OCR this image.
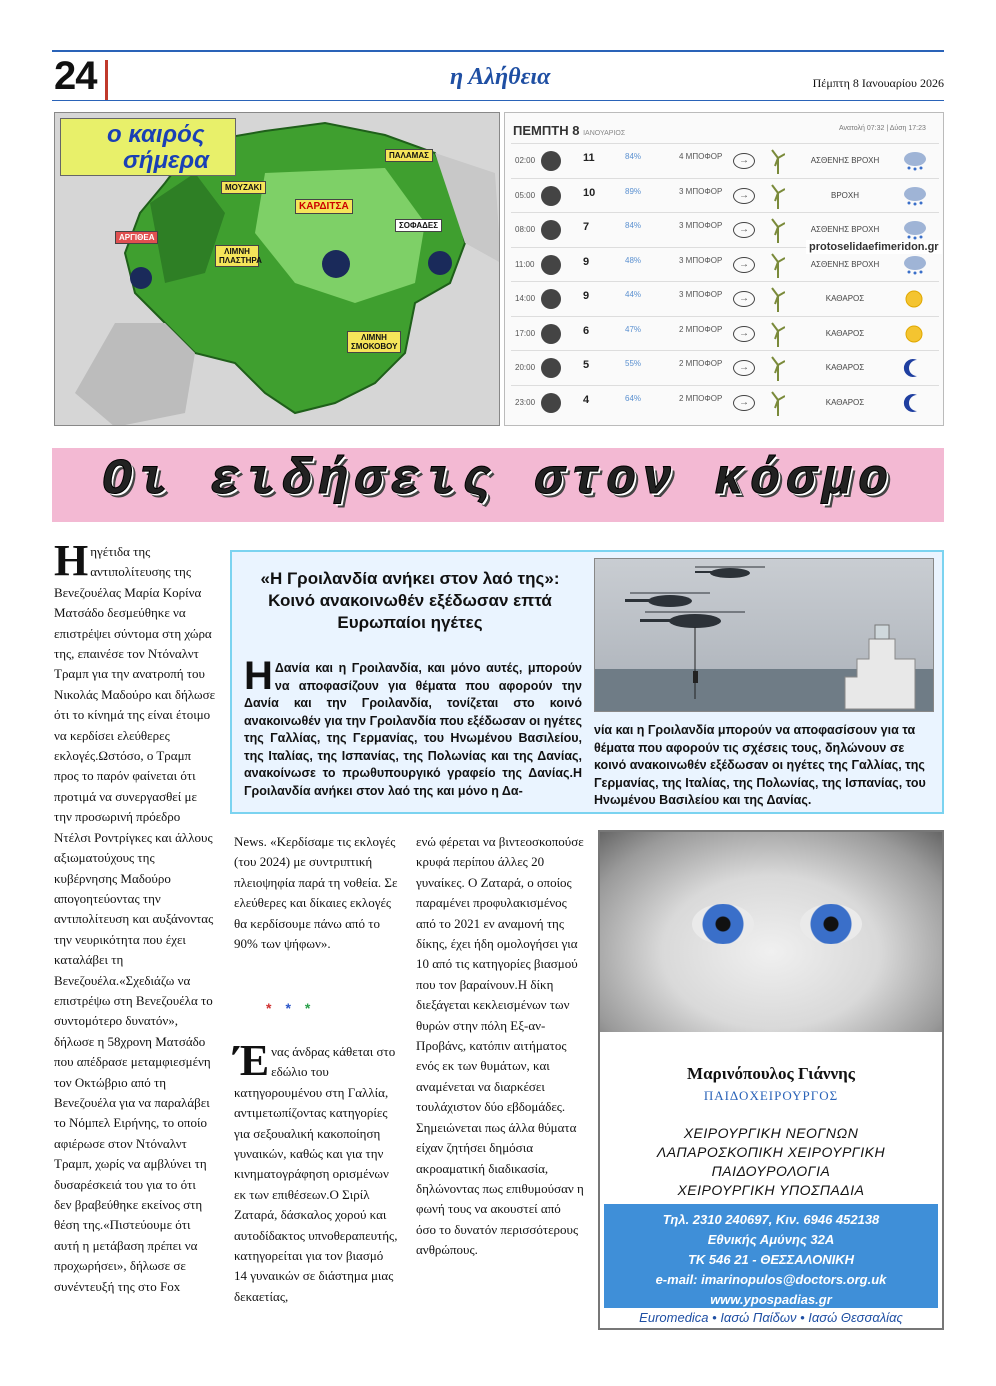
24	η Αλήθεια	Πέμπτη 8 Ιανουαρίου 2026
ΠΑΛΑΜΑΣ
ΜΟΥΖΑΚΙ
ΚΑΡΔΙΤΣΑ
ΣΟΦΑΔΕΣ
ΑΡΓΙΘΕΑ
ΛΙΜΝΗ ΠΛΑΣΤΗΡΑ
ΛΙΜΝΗ ΣΜΟΚΟΒΟΥ
ο καιρός
σήμερα
ΠΕΜΠΤΗ 8 ΙΑΝΟΥΑΡΙΟΣ
Ανατολή 07:32 | Δύση 17:23
02:00	11	84%	4 ΜΠΟΦΟΡ	→	ΑΣΘΕΝΗΣ ΒΡΟΧΗ
05:00	10	89%	3 ΜΠΟΦΟΡ	→	ΒΡΟΧΗ
08:00	7	84%	3 ΜΠΟΦΟΡ	→	ΑΣΘΕΝΗΣ ΒΡΟΧΗ
11:00	9	48%	3 ΜΠΟΦΟΡ	→	ΑΣΘΕΝΗΣ ΒΡΟΧΗ
14:00	9	44%	3 ΜΠΟΦΟΡ	→	ΚΑΘΑΡΟΣ
17:00	6	47%	2 ΜΠΟΦΟΡ	→	ΚΑΘΑΡΟΣ
20:00	5	55%	2 ΜΠΟΦΟΡ	→	ΚΑΘΑΡΟΣ
23:00	4	64%	2 ΜΠΟΦΟΡ	→	ΚΑΘΑΡΟΣ
protoselidaefimeridon.gr
Οι ειδήσεις στον κόσμο
Ηηγέτιδα της αντιπολίτευσης της Βενεζουέλας Μαρία Κορίνα Ματσάδο δεσμεύθηκε να επιστρέψει σύντομα στη χώρα της, επαινέσε τον Ντόναλντ Τραμπ για την ανατροπή του Νικολάς Μαδούρο και δήλωσε ότι το κίνημά της είναι έτοιμο να κερδίσει ελεύθερες εκλογές.Ωστόσο, ο Τραμπ προς το παρόν φαίνεται ότι προτιμά να συνεργασθεί με την προσωρινή πρόεδρο Ντέλσι Ροντρίγκες και άλλους αξιωματούχους της κυβέρνησης Μαδούρο απογοητεύοντας την αντιπολίτευση και αυξάνοντας την νευρικότητα που έχει καταλάβει τη Βενεζουέλα.«Σχεδιάζω να επιστρέψω στη Βενεζουέλα το συντομότερο δυνατόν», δήλωσε η 58χρονη Ματσάδο που απέδρασε μεταμφιεσμένη τον Οκτώβριο από τη Βενεζουέλα για να παραλάβει το Νόμπελ Ειρήνης, το οποίο αφιέρωσε στον Ντόναλντ Τραμπ, χωρίς να αμβλύνει τη δυσαρέσκειά του για το ότι δεν βραβεύθηκε εκείνος στη θέση της.«Πιστεύουμε ότι αυτή η μετάβαση πρέπει να προχωρήσει», δήλωσε σε συνέντευξή της στο Fox
News. «Κερδίσαμε τις εκλογές (του 2024) με συντριπτική πλειοψηφία παρά τη νοθεία. Σε ελεύθερες και δίκαιες εκλογές θα κερδίσουμε πάνω από το 90% των ψήφων».
***
Ένας άνδρας κάθεται στο εδώλιο του κατηγορουμένου στη Γαλλία, αντιμετωπίζοντας κατηγορίες για σεξουαλική κακοποίηση γυναικών, καθώς και για την κινηματογράφηση ορισμένων εκ των επιθέσεων.Ο Σιρίλ Ζαταρά, δάσκαλος χορού και αυτοδίδακτος υπνοθεραπευτής, κατηγορείται για τον βιασμό 14 γυναικών σε διάστημα μιας δεκαετίας,
ενώ φέρεται να βιντεοσκοπούσε κρυφά περίπου άλλες 20 γυναίκες. Ο Ζαταρά, ο οποίος παραμένει προφυλακισμένος από το 2021 εν αναμονή της δίκης, έχει ήδη ομολογήσει για 10 από τις κατηγορίες βιασμού που τον βαραίνουν.Η δίκη διεξάγεται κεκλεισμένων των θυρών στην πόλη Εξ-αν-Προβάνς, κατόπιν αιτήματος ενός εκ των θυμάτων, και αναμένεται να διαρκέσει τουλάχιστον δύο εβδομάδες. Σημειώνεται πως άλλα θύματα είχαν ζητήσει δημόσια ακροαματική διαδικασία, δηλώνοντας πως επιθυμούσαν η φωνή τους να ακουστεί από όσο το δυνατόν περισσότερους ανθρώπους.
«Η Γροιλανδία ανήκει στον λαό της»: Κοινό ανακοινωθέν εξέδωσαν επτά Ευρωπαίοι ηγέτες
Η Δανία και η Γροιλανδία, και μόνο αυτές, μπορούν να αποφασίζουν για θέματα που αφορούν την Δανία και την Γροιλανδία, τονίζεται στο κοινό ανακοινωθέν για την Γροιλανδία που εξέδωσαν οι ηγέτες της Γαλλίας, της Γερμανίας, του Ηνωμένου Βασιλείου, της Ιταλίας, της Ισπανίας, της Πολωνίας και της Δανίας, ανακοίνωσε το πρωθυπουργικό γραφείο της Δανίας.Η Γροιλανδία ανήκει στον λαό της και μόνο η Δα-
νία και η Γροιλανδία μπορούν να αποφασίσουν για τα θέματα που αφορούν τις σχέσεις τους, δηλώνουν σε κοινό ανακοινωθέν εξέδωσαν οι ηγέτες της Γαλλίας, της Γερμανίας, της Ιταλίας, της Πολωνίας, της Ισπανίας, του Ηνωμένου Βασιλείου και της Δανίας.
Μαρινόπουλος Γιάννης
ΠΑΙΔΟΧΕΙΡΟΥΡΓΟΣ
ΧΕΙΡΟΥΡΓΙΚΗ ΝΕΟΓΝΩΝ
ΛΑΠΑΡΟΣΚΟΠΙΚΗ ΧΕΙΡΟΥΡΓΙΚΗ
ΠΑΙΔΟΥΡΟΛΟΓΙΑ
ΧΕΙΡΟΥΡΓΙΚΗ ΥΠΟΣΠΑΔΙΑ
Τηλ. 2310 240697, Κιν. 6946 452138
Εθνικής Αμύνης 32Α
ΤΚ 546 21 - ΘΕΣΣΑΛΟΝΙΚΗ
e-mail: imarinopulos@doctors.org.uk
www.ypospadias.gr
Euromedica • Ιασώ Παίδων • Ιασώ Θεσσαλίας
